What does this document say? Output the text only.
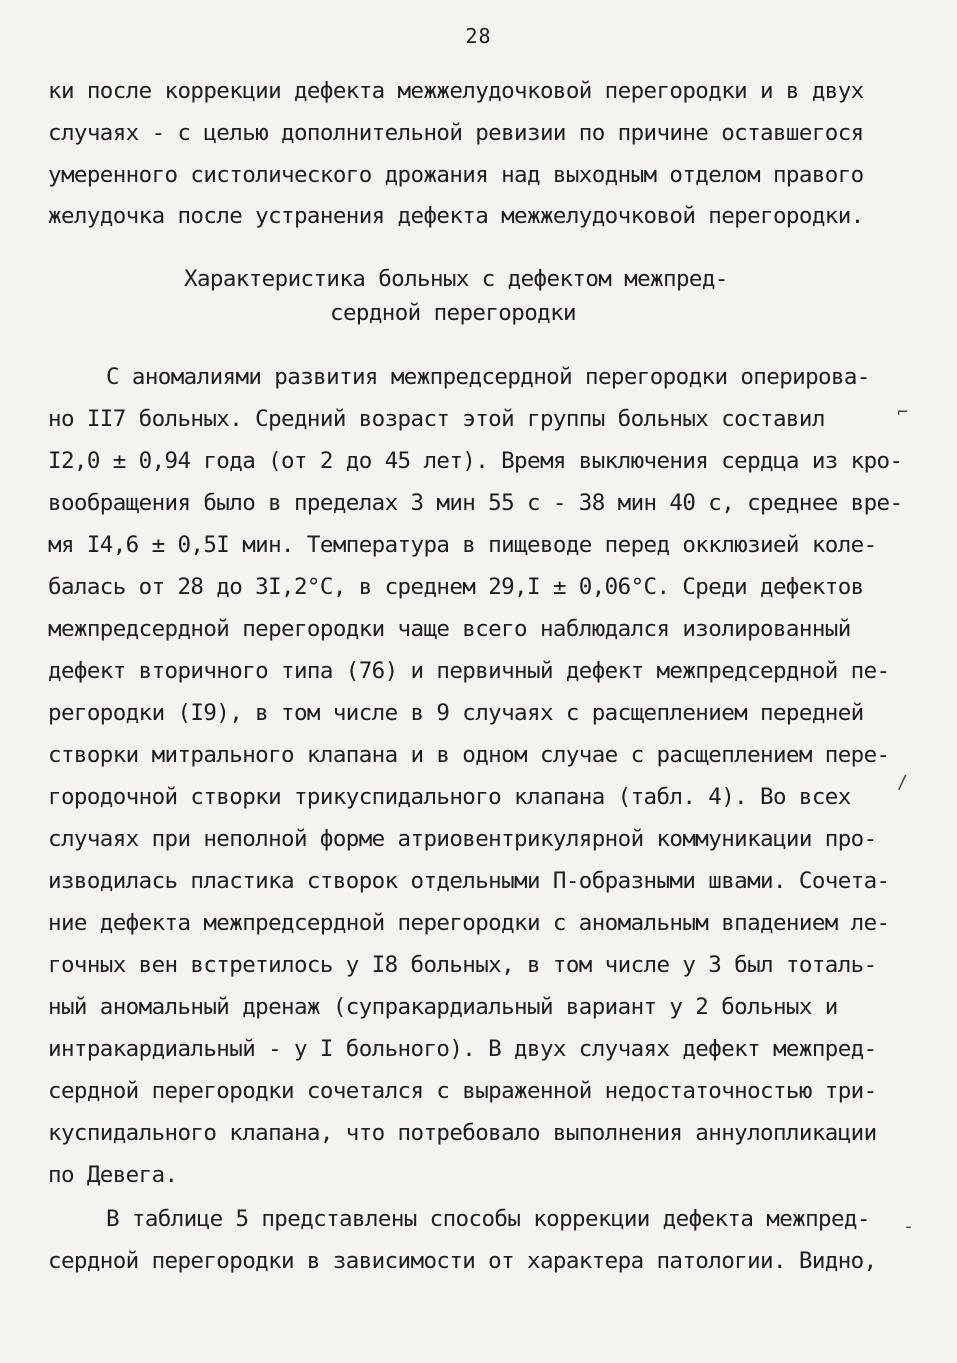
28
ки после коррекции дефекта межжелудочковой перегородки и в двух
случаях - с целью дополнительной ревизии по причине оставшегося
умеренного систолического дрожания над выходным отделом правого
желудочка после устранения дефекта межжелудочковой перегородки.
Характеристика больных с дефектом межпред-
сердной перегородки
С аномалиями развития межпредсердной перегородки оперирова-
но II7 больных. Средний возраст этой группы больных составил
I2,0 ± 0,94 года (от 2 до 45 лет). Время выключения сердца из кро-
вообращения было в пределах 3 мин 55 с - 38 мин 40 с, среднее вре-
мя I4,6 ± 0,5I мин. Температура в пищеводе перед окклюзией коле-
балась от 28 до 3I,2°C, в среднем 29,I ± 0,06°C. Среди дефектов
межпредсердной перегородки чаще всего наблюдался изолированный
дефект вторичного типа (76) и первичный дефект межпредсердной пе-
регородки (I9), в том числе в 9 случаях с расщеплением передней
створки митрального клапана и в одном случае с расщеплением пере-
городочной створки трикуспидального клапана (табл. 4). Во всех
случаях при неполной форме атриовентрикулярной коммуникации про-
изводилась пластика створок отдельными П-образными швами. Сочета-
ние дефекта межпредсердной перегородки с аномальным впадением ле-
гочных вен встретилось у I8 больных, в том числе у 3 был тоталь-
ный аномальный дренаж (супракардиальный вариант у 2 больных и
интракардиальный - у I больного). В двух случаях дефект межпред-
сердной перегородки сочетался с выраженной недостаточностью три-
куспидального клапана, что потребовало выполнения аннулопликации
по Девега.
В таблице 5 представлены способы коррекции дефекта межпред-
сердной перегородки в зависимости от характера патологии. Видно,
⌐
/
-
